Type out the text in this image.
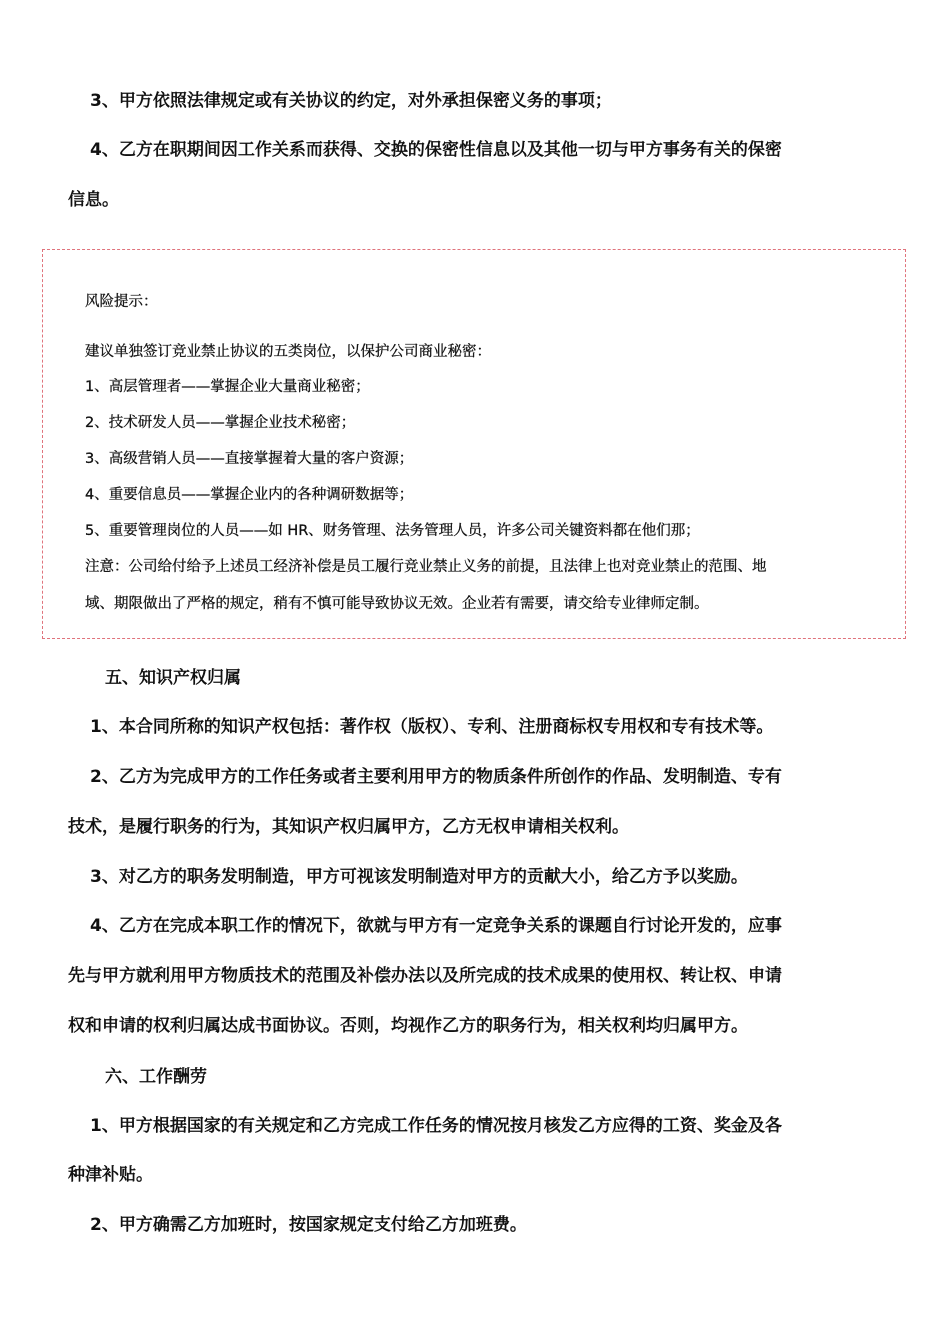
3、甲方依照法律规定或有关协议的约定，对外承担保密义务的事项；
4、乙方在职期间因工作关系而获得、交换的保密性信息以及其他一切与甲方事务有关的保密
信息。
风险提示：
建议单独签订竞业禁止协议的五类岗位，以保护公司商业秘密：
1、高层管理者——掌握企业大量商业秘密；
2、技术研发人员——掌握企业技术秘密；
3、高级营销人员——直接掌握着大量的客户资源；
4、重要信息员——掌握企业内的各种调研数据等；
5、重要管理岗位的人员——如 HR、财务管理、法务管理人员，许多公司关键资料都在他们那；
注意：公司给付给予上述员工经济补偿是员工履行竞业禁止义务的前提，且法律上也对竞业禁止的范围、地
域、期限做出了严格的规定，稍有不慎可能导致协议无效。企业若有需要，请交给专业律师定制。
五、知识产权归属
1、本合同所称的知识产权包括：著作权（版权）、专利、注册商标权专用权和专有技术等。
2、乙方为完成甲方的工作任务或者主要利用甲方的物质条件所创作的作品、发明制造、专有
技术，是履行职务的行为，其知识产权归属甲方，乙方无权申请相关权利。
3、对乙方的职务发明制造，甲方可视该发明制造对甲方的贡献大小，给乙方予以奖励。
4、乙方在完成本职工作的情况下，欲就与甲方有一定竞争关系的课题自行讨论开发的，应事
先与甲方就利用甲方物质技术的范围及补偿办法以及所完成的技术成果的使用权、转让权、申请
权和申请的权利归属达成书面协议。否则，均视作乙方的职务行为，相关权利均归属甲方。
六、工作酬劳
1、甲方根据国家的有关规定和乙方完成工作任务的情况按月核发乙方应得的工资、奖金及各
种津补贴。
2、甲方确需乙方加班时，按国家规定支付给乙方加班费。
